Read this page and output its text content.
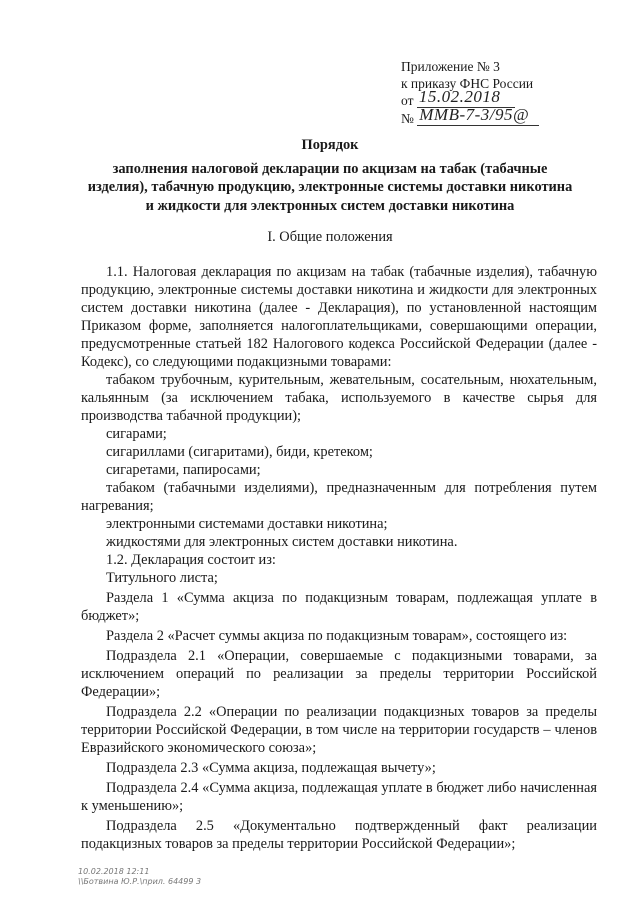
Приложение № 3
к приказу ФНС России
от 15.02.2018
№ ММВ-7-3/95@
Порядок
заполнения налоговой декларации по акцизам на табак (табачные
изделия), табачную продукцию, электронные системы доставки никотина
и жидкости для электронных систем доставки никотина
I. Общие положения

1.1. Налоговая декларация по акцизам на табак (табачные изделия), табачную продукцию, электронные системы доставки никотина и жидкости для электронных систем доставки никотина (далее - Декларация), по установленной настоящим Приказом форме, заполняется налогоплательщиками, совершающими операции, предусмотренные статьей 182 Налогового кодекса Российской Федерации (далее - Кодекс), со следующими подакцизными товарами:

табаком трубочным, курительным, жевательным, сосательным, нюхательным, кальянным (за исключением табака, используемого в качестве сырья для производства табачной продукции);

сигарами;

сигариллами (сигаритами), биди, кретеком;

сигаретами, папиросами;

табаком (табачными изделиями), предназначенным для потребления путем нагревания;

электронными системами доставки никотина;

жидкостями для электронных систем доставки никотина.

1.2. Декларация состоит из:

Титульного листа;

Раздела 1 «Сумма акциза по подакцизным товарам, подлежащая уплате в бюджет»;

Раздела 2 «Расчет суммы акциза по подакцизным товарам», состоящего из:

Подраздела 2.1 «Операции, совершаемые с подакцизными товарами, за исключением операций по реализации за пределы территории Российской Федерации»;

Подраздела 2.2 «Операции по реализации подакцизных товаров за пределы территории Российской Федерации, в том числе на территории государств – членов Евразийского экономического союза»;

Подраздела 2.3 «Сумма акциза, подлежащая вычету»;

Подраздела 2.4 «Сумма акциза, подлежащая уплате в бюджет либо начисленная к уменьшению»;

Подраздела 2.5 «Документально подтвержденный факт реализации подакцизных товаров за пределы территории Российской Федерации»;

10.02.2018 12:11
\\Ботвина Ю.Р.\прил. 64499 3
